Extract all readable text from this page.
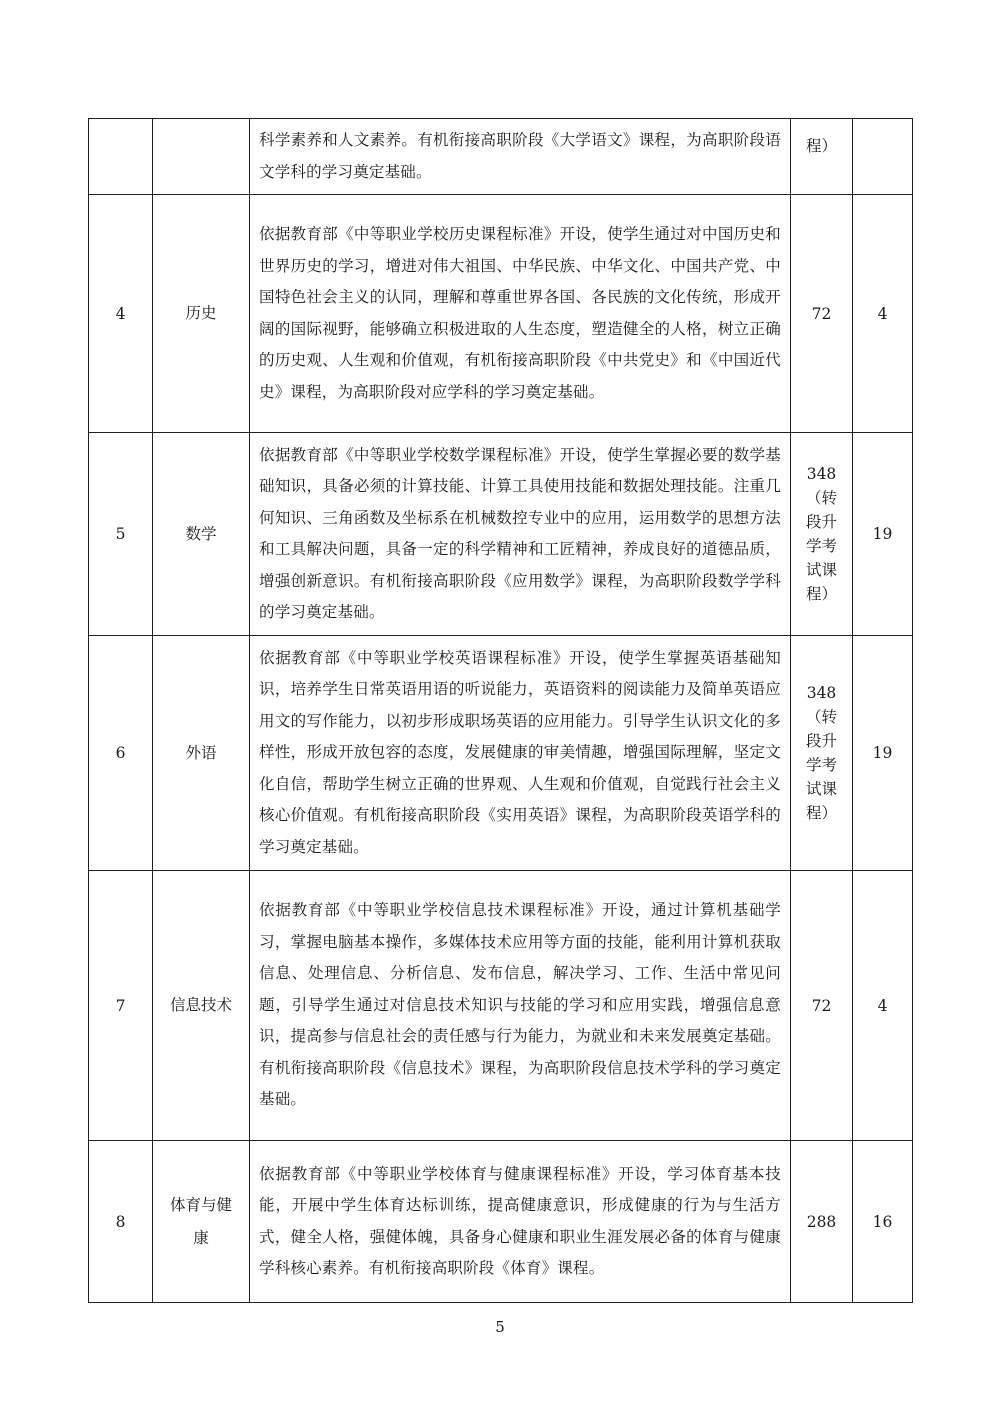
		科学素养和人文素养。有机衔接高职阶段《大学语文》课程，为高职阶段语文学科的学习奠定基础。	程）	

4	历史	依据教育部《中等职业学校历史课程标准》开设，使学生通过对中国历史和世界历史的学习，增进对伟大祖国、中华民族、中华文化、中国共产党、中国特色社会主义的认同，理解和尊重世界各国、各民族的文化传统，形成开阔的国际视野，能够确立积极进取的人生态度，塑造健全的人格，树立正确的历史观、人生观和价值观，有机衔接高职阶段《中共党史》和《中国近代史》课程，为高职阶段对应学科的学习奠定基础。	72	4
5	数学	依据教育部《中等职业学校数学课程标准》开设，使学生掌握必要的数学基础知识，具备必须的计算技能、计算工具使用技能和数据处理技能。注重几何知识、三角函数及坐标系在机械数控专业中的应用，运用数学的思想方法和工具解决问题，具备一定的科学精神和工匠精神，养成良好的道德品质，增强创新意识。有机衔接高职阶段《应用数学》课程，为高职阶段数学学科的学习奠定基础。	348（转段升学考试课程）	19
6	外语	依据教育部《中等职业学校英语课程标准》开设，使学生掌握英语基础知识，培养学生日常英语用语的听说能力，英语资料的阅读能力及简单英语应用文的写作能力，以初步形成职场英语的应用能力。引导学生认识文化的多样性，形成开放包容的态度，发展健康的审美情趣，增强国际理解，坚定文化自信，帮助学生树立正确的世界观、人生观和价值观，自觉践行社会主义核心价值观。有机衔接高职阶段《实用英语》课程，为高职阶段英语学科的学习奠定基础。	348（转段升学考试课程）	19
7	信息技术	依据教育部《中等职业学校信息技术课程标准》开设，通过计算机基础学习，掌握电脑基本操作，多媒体技术应用等方面的技能，能利用计算机获取信息、处理信息、分析信息、发布信息，解决学习、工作、生活中常见问题，引导学生通过对信息技术知识与技能的学习和应用实践，增强信息意识，提高参与信息社会的责任感与行为能力，为就业和未来发展奠定基础。有机衔接高职阶段《信息技术》课程，为高职阶段信息技术学科的学习奠定基础。	72	4
8	体育与健康	依据教育部《中等职业学校体育与健康课程标准》开设，学习体育基本技能，开展中学生体育达标训练，提高健康意识，形成健康的行为与生活方式，健全人格，强健体魄，具备身心健康和职业生涯发展必备的体育与健康学科核心素养。有机衔接高职阶段《体育》课程。	288	16
5
